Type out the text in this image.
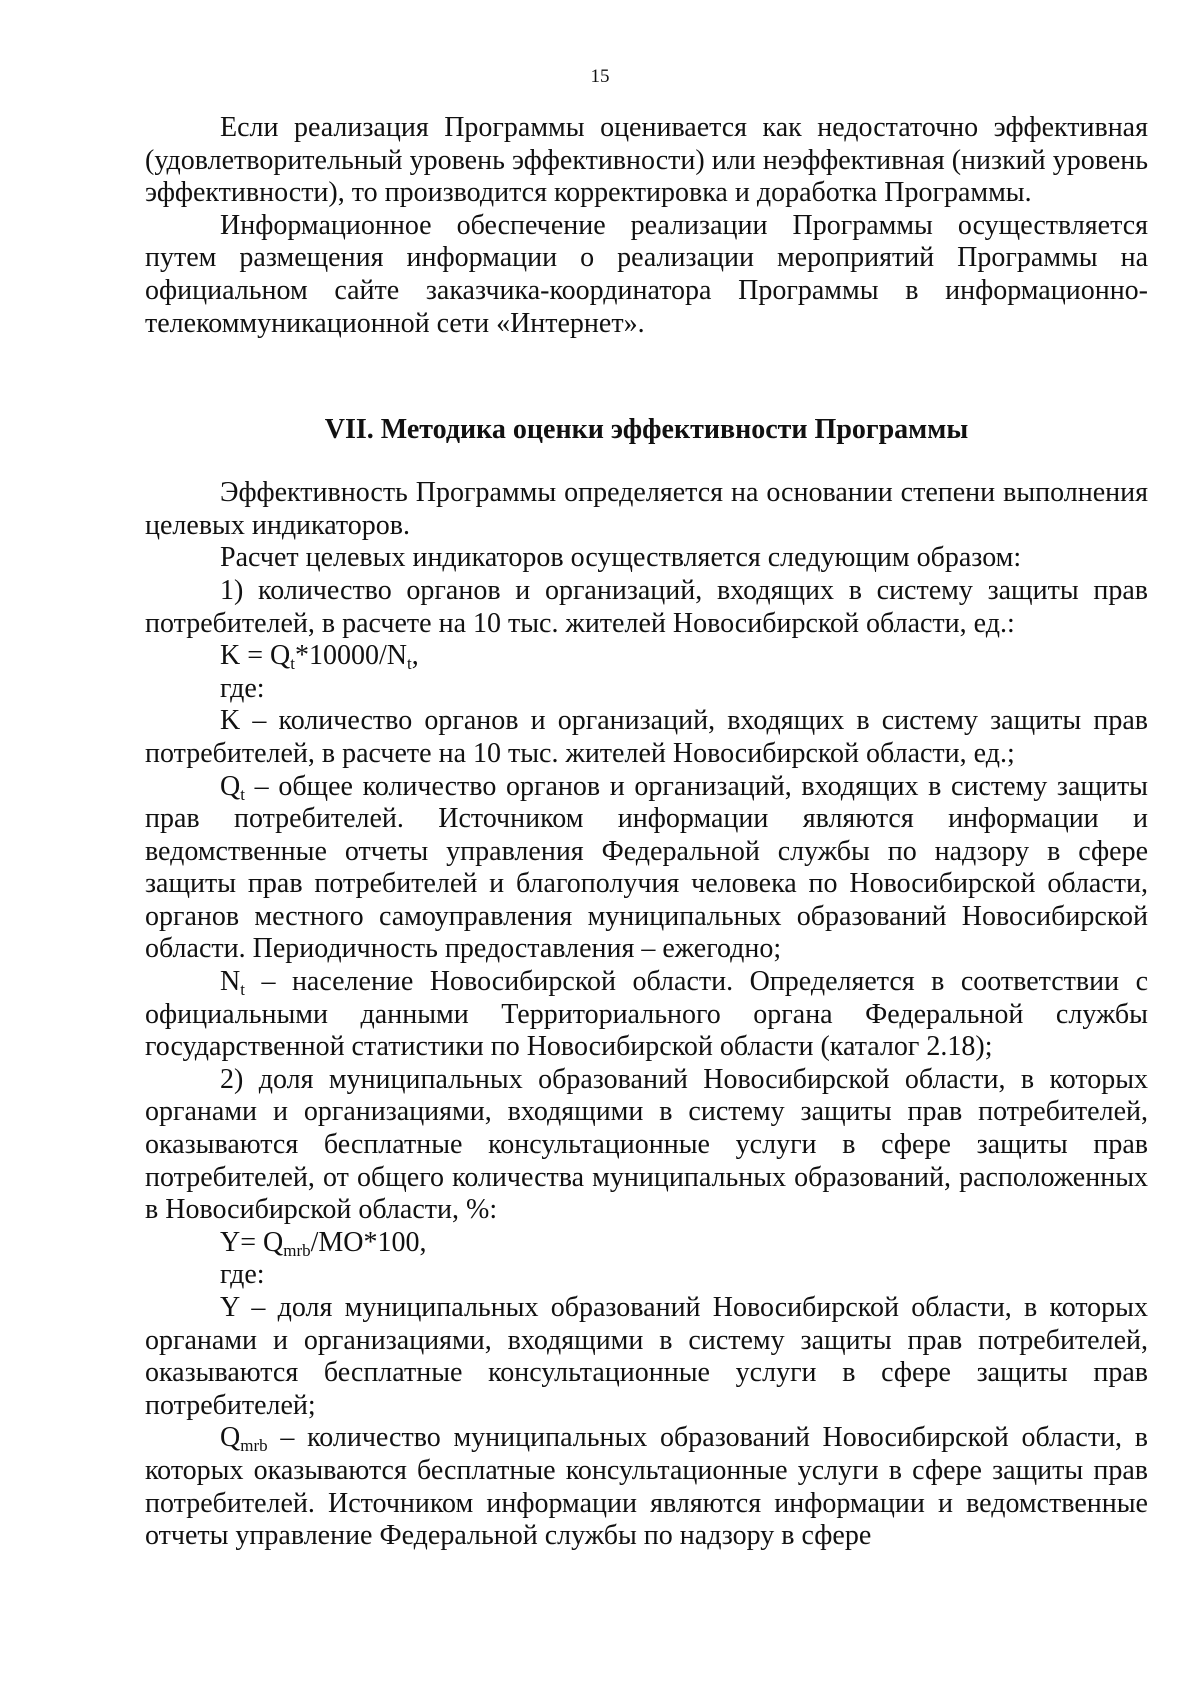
15

Если реализация Программы оценивается как недостаточно эффективная (удовлетворительный уровень эффективности) или неэффективная (низкий уровень эффективности), то производится корректировка и доработка Программы.

Информационное обеспечение реализации Программы осуществляется путем размещения информации о реализации мероприятий Программы на официальном сайте заказчика-координатора Программы в информационно-телекоммуникационной сети «Интернет».

VII. Методика оценки эффективности Программы

Эффективность Программы определяется на основании степени выполнения целевых индикаторов.

Расчет целевых индикаторов осуществляется следующим образом:

1) количество органов и организаций, входящих в систему защиты прав потребителей, в расчете на 10 тыс. жителей Новосибирской области, ед.:

$K = Q_t*10000/N_t$,

где:

K – количество органов и организаций, входящих в систему защиты прав потребителей, в расчете на 10 тыс. жителей Новосибирской области, ед.;

$Q_t$ – общее количество органов и организаций, входящих в систему защиты прав потребителей. Источником информации являются информации и ведомственные отчеты управления Федеральной службы по надзору в сфере защиты прав потребителей и благополучия человека по Новосибирской области, органов местного самоуправления муниципальных образований Новосибирской области. Периодичность предоставления – ежегодно;

$N_t$ – население Новосибирской области. Определяется в соответствии с официальными данными Территориального органа Федеральной службы государственной статистики по Новосибирской области (каталог 2.18);

2) доля муниципальных образований Новосибирской области, в которых органами и организациями, входящими в систему защиты прав потребителей, оказываются бесплатные консультационные услуги в сфере защиты прав потребителей, от общего количества муниципальных образований, расположенных в Новосибирской области, %:

$Y= Q_{mrb}/MO*100$,

где:

Y – доля муниципальных образований Новосибирской области, в которых органами и организациями, входящими в систему защиты прав потребителей, оказываются бесплатные консультационные услуги в сфере защиты прав потребителей;

$Q_{mrb}$ – количество муниципальных образований Новосибирской области, в которых оказываются бесплатные консультационные услуги в сфере защиты прав потребителей. Источником информации являются информации и ведомственные отчеты управление Федеральной службы по надзору в сфере
